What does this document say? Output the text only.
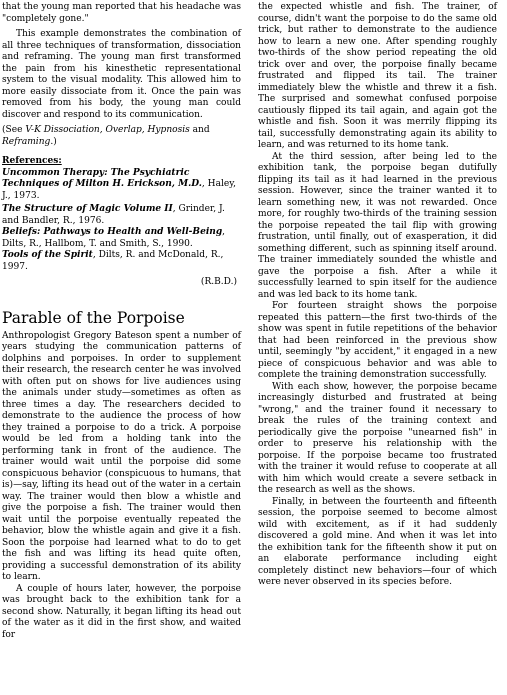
that the young man reported that his headache was "completely gone."

This example demonstrates the combination of all three techniques of transformation, dissociation and reframing. The young man first transformed the pain from his kinesthetic representational system to the visual modality. This allowed him to more easily dissociate from it. Once the pain was removed from his body, the young man could discover and respond to its communication.

(See V-K Dissociation, Overlap, Hypnosis and Reframing.)

References:

Uncommon Therapy: The Psychiatric Techniques of Milton H. Erickson, M.D., Haley, J., 1973.

The Structure of Magic Volume II, Grinder, J. and Bandler, R., 1976.

Beliefs: Pathways to Health and Well-Being, Dilts, R., Hallbom, T. and Smith, S., 1990.

Tools of the Spirit, Dilts, R. and McDonald, R., 1997.

(R.B.D.)

Parable of the Porpoise

Anthropologist Gregory Bateson spent a number of years studying the communication patterns of dolphins and porpoises. In order to supplement their research, the research center he was involved with often put on shows for live audiences using the animals under study—sometimes as often as three times a day. The researchers decided to demonstrate to the audience the process of how they trained a porpoise to do a trick. A porpoise would be led from a holding tank into the performing tank in front of the audience. The trainer would wait until the porpoise did some conspicuous behavior (conspicuous to humans, that is)—say, lifting its head out of the water in a certain way. The trainer would then blow a whistle and give the porpoise a fish. The trainer would then wait until the porpoise eventually repeated the behavior, blow the whistle again and give it a fish. Soon the porpoise had learned what to do to get the fish and was lifting its head quite often, providing a successful demonstration of its ability to learn.

A couple of hours later, however, the porpoise was brought back to the exhibition tank for a second show. Naturally, it began lifting its head out of the water as it did in the first show, and waited for

the expected whistle and fish. The trainer, of course, didn't want the porpoise to do the same old trick, but rather to demonstrate to the audience how to learn a new one. After spending roughly two-thirds of the show period repeating the old trick over and over, the porpoise finally became frustrated and flipped its tail. The trainer immediately blew the whistle and threw it a fish. The surprised and somewhat confused porpoise cautiously flipped its tail again, and again got the whistle and fish. Soon it was merrily flipping its tail, successfully demonstrating again its ability to learn, and was returned to its home tank.

At the third session, after being led to the exhibition tank, the porpoise began dutifully flipping its tail as it had learned in the previous session. However, since the trainer wanted it to learn something new, it was not rewarded. Once more, for roughly two-thirds of the training session the porpoise repeated the tail flip with growing frustration, until finally, out of exasperation, it did something different, such as spinning itself around. The trainer immediately sounded the whistle and gave the porpoise a fish. After a while it successfully learned to spin itself for the audience and was led back to its home tank.

For fourteen straight shows the porpoise repeated this pattern—the first two-thirds of the show was spent in futile repetitions of the behavior that had been reinforced in the previous show until, seemingly "by accident," it engaged in a new piece of conspicuous behavior and was able to complete the training demonstration successfully.

With each show, however, the porpoise became increasingly disturbed and frustrated at being "wrong," and the trainer found it necessary to break the rules of the training context and periodically give the porpoise "unearned fish" in order to preserve his relationship with the porpoise. If the porpoise became too frustrated with the trainer it would refuse to cooperate at all with him which would create a severe setback in the research as well as the shows.

Finally, in between the fourteenth and fifteenth session, the porpoise seemed to become almost wild with excitement, as if it had suddenly discovered a gold mine. And when it was let into the exhibition tank for the fifteenth show it put on an elaborate performance including eight completely distinct new behaviors—four of which were never observed in its species before.
